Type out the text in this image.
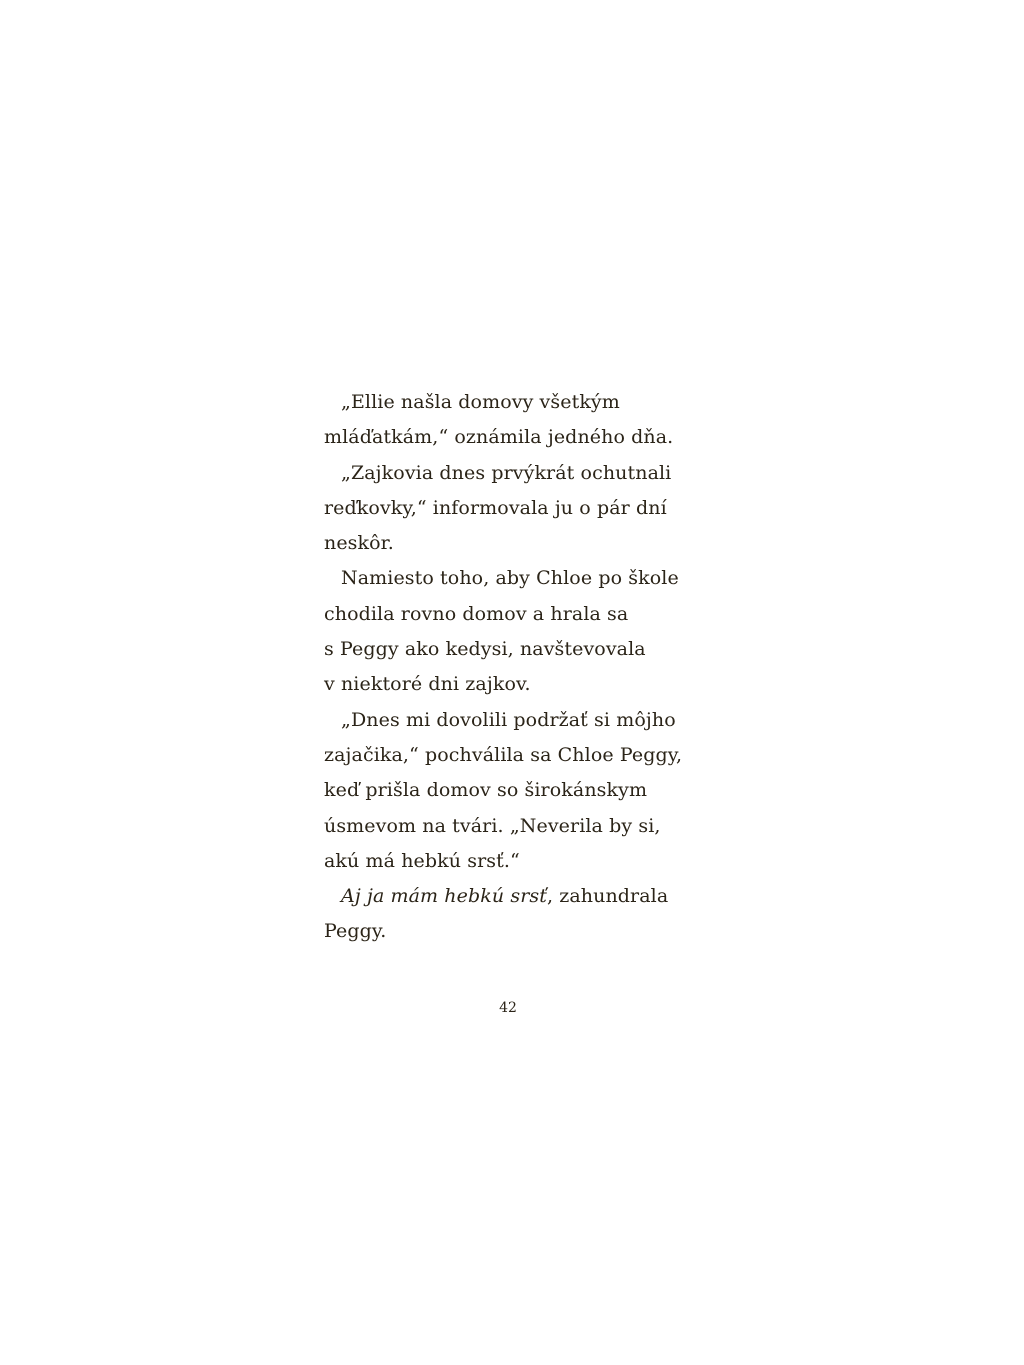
„Ellie našla domovy všetkým
mláďatkám,“ oznámila jedného dňa.

„Zajkovia dnes prvýkrát ochutnali
reďkovky,“ informovala ju o pár dní
neskôr.

Namiesto toho, aby Chloe po škole
chodila rovno domov a hrala sa
s Peggy ako kedysi, navštevovala
v niektoré dni zajkov.

„Dnes mi dovolili podržať si môjho
zajačika,“ pochválila sa Chloe Peggy,
keď prišla domov so širokánskym
úsmevom na tvári. „Neverila by si,
akú má hebkú srsť.“

Aj ja mám hebkú srsť, zahundrala
Peggy.

42
